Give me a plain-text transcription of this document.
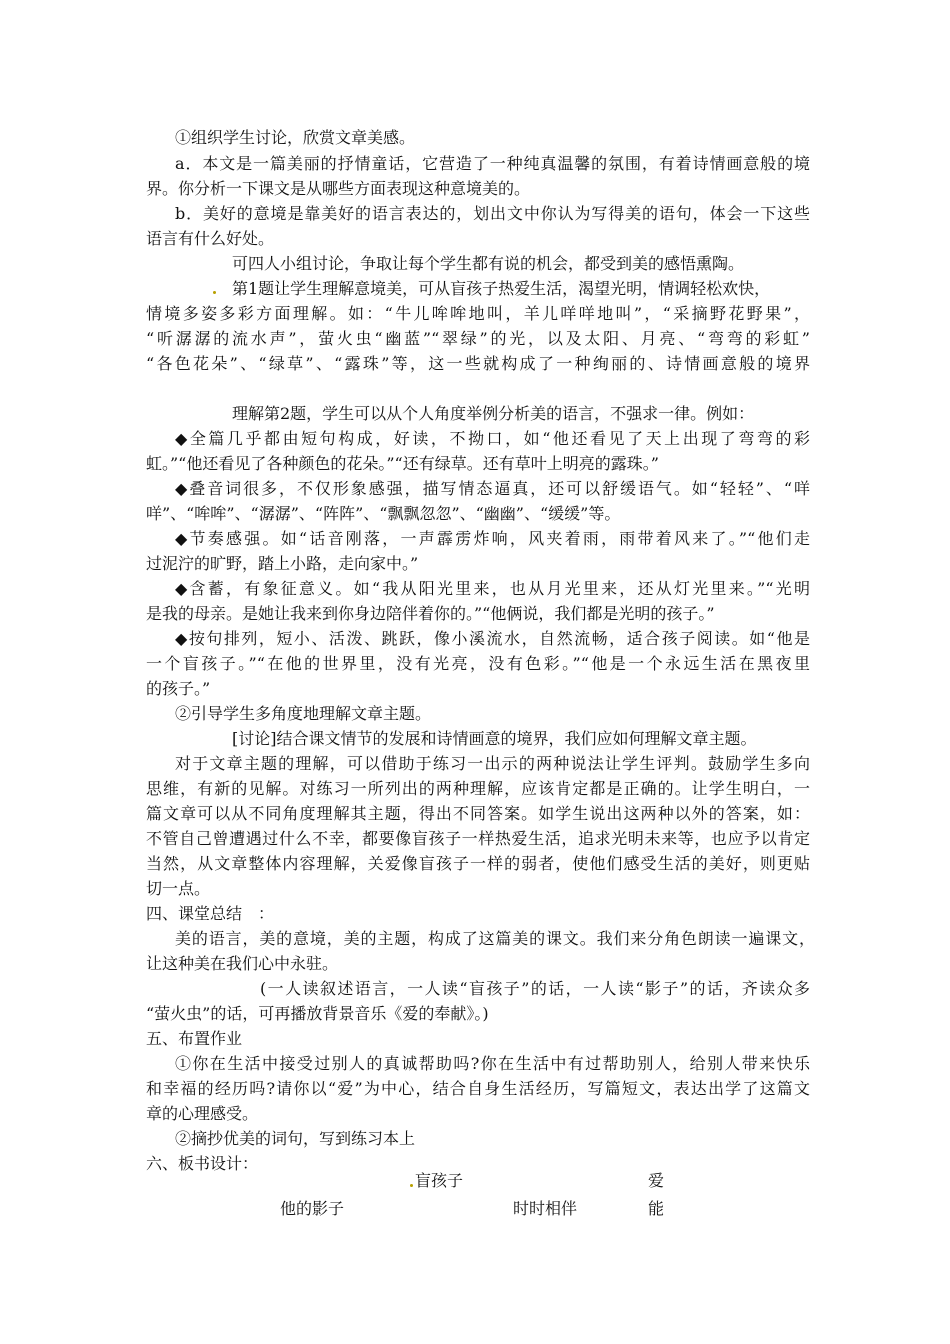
①组织学生讨论，欣赏文章美感。
a．本文是一篇美丽的抒情童话，它营造了一种纯真温馨的氛围，有着诗情画意般的境
界。你分析一下课文是从哪些方面表现这种意境美的。
b．美好的意境是靠美好的语言表达的，划出文中你认为写得美的语句，体会一下这些
语言有什么好处。
可四人小组讨论，争取让每个学生都有说的机会，都受到美的感悟熏陶。
第1题让学生理解意境美，可从盲孩子热爱生活，渴望光明，情调轻松欢快，
情境多姿多彩方面理解。如：“牛儿哞哞地叫，羊儿咩咩地叫”，“采摘野花野果”，
“听潺潺的流水声”，萤火虫“幽蓝”“翠绿”的光，以及太阳、月亮、“弯弯的彩虹”
“各色花朵”、“绿草”、“露珠”等，这一些就构成了一种绚丽的、诗情画意般的境界
理解第2题，学生可以从个人角度举例分析美的语言，不强求一律。例如：
◆全篇几乎都由短句构成，好读，不拗口，如“他还看见了天上出现了弯弯的彩
虹。”“他还看见了各种颜色的花朵。”“还有绿草。还有草叶上明亮的露珠。”
◆叠音词很多，不仅形象感强，描写情态逼真，还可以舒缓语气。如“轻轻”、“咩
咩”、“哞哞”、“潺潺”、“阵阵”、“飘飘忽忽”、“幽幽”、“缓缓”等。
◆节奏感强。如“话音刚落，一声霹雳炸响，风夹着雨，雨带着风来了。”“他们走
过泥泞的旷野，踏上小路，走向家中。”
◆含蓄，有象征意义。如“我从阳光里来，也从月光里来，还从灯光里来。”“光明
是我的母亲。是她让我来到你身边陪伴着你的。”“他俩说，我们都是光明的孩子。”
◆按句排列，短小、活泼、跳跃，像小溪流水，自然流畅，适合孩子阅读。如“他是
一个盲孩子。”“在他的世界里，没有光亮，没有色彩。”“他是一个永远生活在黑夜里
的孩子。”
②引导学生多角度地理解文章主题。
[讨论]结合课文情节的发展和诗情画意的境界，我们应如何理解文章主题。
对于文章主题的理解，可以借助于练习一出示的两种说法让学生评判。鼓励学生多向
思维，有新的见解。对练习一所列出的两种理解，应该肯定都是正确的。让学生明白，一
篇文章可以从不同角度理解其主题，得出不同答案。如学生说出这两种以外的答案，如：
不管自己曾遭遇过什么不幸，都要像盲孩子一样热爱生活，追求光明未来等，也应予以肯定
当然，从文章整体内容理解，关爱像盲孩子一样的弱者，使他们感受生活的美好，则更贴
切一点。
四、课堂总结　：
美的语言，美的意境，美的主题，构成了这篇美的课文。我们来分角色朗读一遍课文，
让这种美在我们心中永驻。
(一人读叙述语言，一人读“盲孩子”的话，一人读“影子”的话，齐读众多
“萤火虫”的话，可再播放背景音乐《爱的奉献》。)
五、布置作业
①你在生活中接受过别人的真诚帮助吗?你在生活中有过帮助别人，给别人带来快乐
和幸福的经历吗?请你以“爱”为中心，结合自身生活经历，写篇短文，表达出学了这篇文
章的心理感受。
②摘抄优美的词句，写到练习本上
六、板书设计：
盲孩子	爱
他的影子	时时相伴	能
